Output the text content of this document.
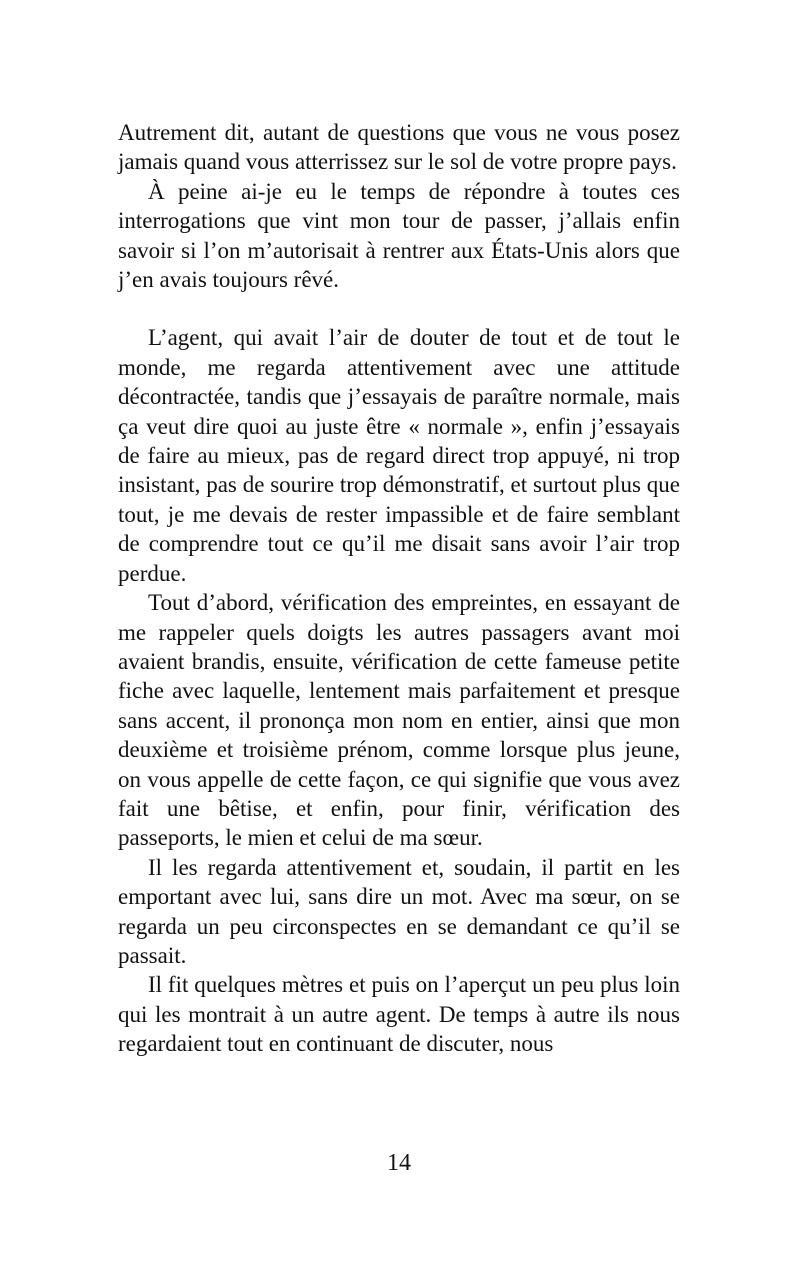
Autrement dit, autant de questions que vous ne vous posez jamais quand vous atterrissez sur le sol de votre propre pays.

À peine ai-je eu le temps de répondre à toutes ces interrogations que vint mon tour de passer, j’allais enfin savoir si l’on m’autorisait à rentrer aux États-Unis alors que j’en avais toujours rêvé.

L’agent, qui avait l’air de douter de tout et de tout le monde, me regarda attentivement avec une attitude décontractée, tandis que j’essayais de paraître normale, mais ça veut dire quoi au juste être « normale », enfin j’essayais de faire au mieux, pas de regard direct trop appuyé, ni trop insistant, pas de sourire trop démonstratif, et surtout plus que tout, je me devais de rester impassible et de faire semblant de comprendre tout ce qu’il me disait sans avoir l’air trop perdue.

Tout d’abord, vérification des empreintes, en essayant de me rappeler quels doigts les autres passagers avant moi avaient brandis, ensuite, vérification de cette fameuse petite fiche avec laquelle, lentement mais parfaitement et presque sans accent, il prononça mon nom en entier, ainsi que mon deuxième et troisième prénom, comme lorsque plus jeune, on vous appelle de cette façon, ce qui signifie que vous avez fait une bêtise, et enfin, pour finir, vérification des passeports, le mien et celui de ma sœur.

Il les regarda attentivement et, soudain, il partit en les emportant avec lui, sans dire un mot. Avec ma sœur, on se regarda un peu circonspectes en se demandant ce qu’il se passait.

Il fit quelques mètres et puis on l’aperçut un peu plus loin qui les montrait à un autre agent. De temps à autre ils nous regardaient tout en continuant de discuter, nous

14
